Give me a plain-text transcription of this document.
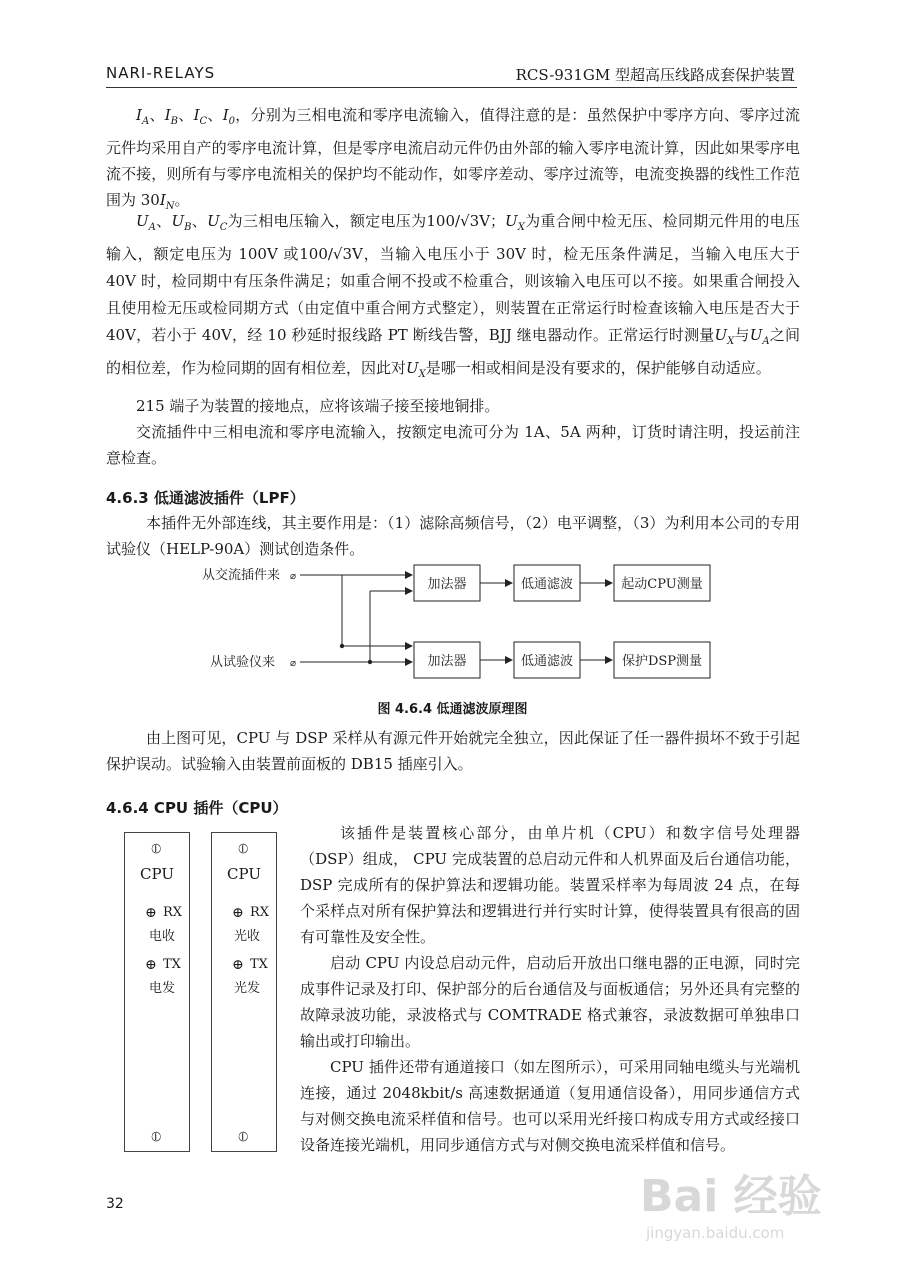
NARI-RELAYS	RCS-931GM 型超高压线路成套保护装置
$I_A$、$I_B$、$I_C$、$I_0$，分别为三相电流和零序电流输入，值得注意的是：虽然保护中零序方向、零序过流元件均采用自产的零序电流计算，但是零序电流启动元件仍由外部的输入零序电流计算，因此如果零序电流不接，则所有与零序电流相关的保护均不能动作，如零序差动、零序过流等，电流变换器的线性工作范围为 $30I_N$。
$U_A$、$U_B$、$U_C$为三相电压输入，额定电压为100/√3V；$U_X$为重合闸中检无压、检同期元件用的电压输入，额定电压为 100V 或100/√3V，当输入电压小于 30V 时，检无压条件满足，当输入电压大于 40V 时，检同期中有压条件满足；如重合闸不投或不检重合，则该输入电压可以不接。如果重合闸投入且使用检无压或检同期方式（由定值中重合闸方式整定），则装置在正常运行时检查该输入电压是否大于 40V，若小于 40V，经 10 秒延时报线路 PT 断线告警，BJJ 继电器动作。正常运行时测量$U_X$与$U_A$之间的相位差，作为检同期的固有相位差，因此对$U_X$是哪一相或相间是没有要求的，保护能够自动适应。
215 端子为装置的接地点，应将该端子接至接地铜排。
交流插件中三相电流和零序电流输入，按额定电流可分为 1A、5A 两种，订货时请注明，投运前注意检查。
4.6.3 低通滤波插件（LPF）
本插件无外部连线，其主要作用是：（1）滤除高频信号，（2）电平调整，（3）为利用本公司的专用试验仪（HELP-90A）测试创造条件。
从交流插件来
从试验仪来
⌀
⌀
加法器	低通滤波	起动CPU测量
加法器	低通滤波	保护DSP测量
图 4.6.4 低通滤波原理图
由上图可见，CPU 与 DSP 采样从有源元件开始就完全独立，因此保证了任一器件损坏不致于引起保护误动。试验输入由装置前面板的 DB15 插座引入。
4.6.4 CPU 插件（CPU）
⦶
CPU
⊕ RX
电收
⊕ TX
电发
⦶
⦶
CPU
⊕ RX
光收
⊕ TX
光发
⦶
该插件是装置核心部分，由单片机（CPU）和数字信号处理器（DSP）组成， CPU 完成装置的总启动元件和人机界面及后台通信功能，DSP 完成所有的保护算法和逻辑功能。装置采样率为每周波 24 点，在每个采样点对所有保护算法和逻辑进行并行实时计算，使得装置具有很高的固有可靠性及安全性。
启动 CPU 内设总启动元件，启动后开放出口继电器的正电源，同时完成事件记录及打印、保护部分的后台通信及与面板通信；另外还具有完整的故障录波功能，录波格式与 COMTRADE 格式兼容，录波数据可单独串口输出或打印输出。
CPU 插件还带有通道接口（如左图所示），可采用同轴电缆头与光端机连接，通过 2048kbit/s 高速数据通道（复用通信设备），用同步通信方式与对侧交换电流采样值和信号。也可以采用光纤接口构成专用方式或经接口设备连接光端机，用同步通信方式与对侧交换电流采样值和信号。
32	Bai 经验
jingyan.baidu.com
